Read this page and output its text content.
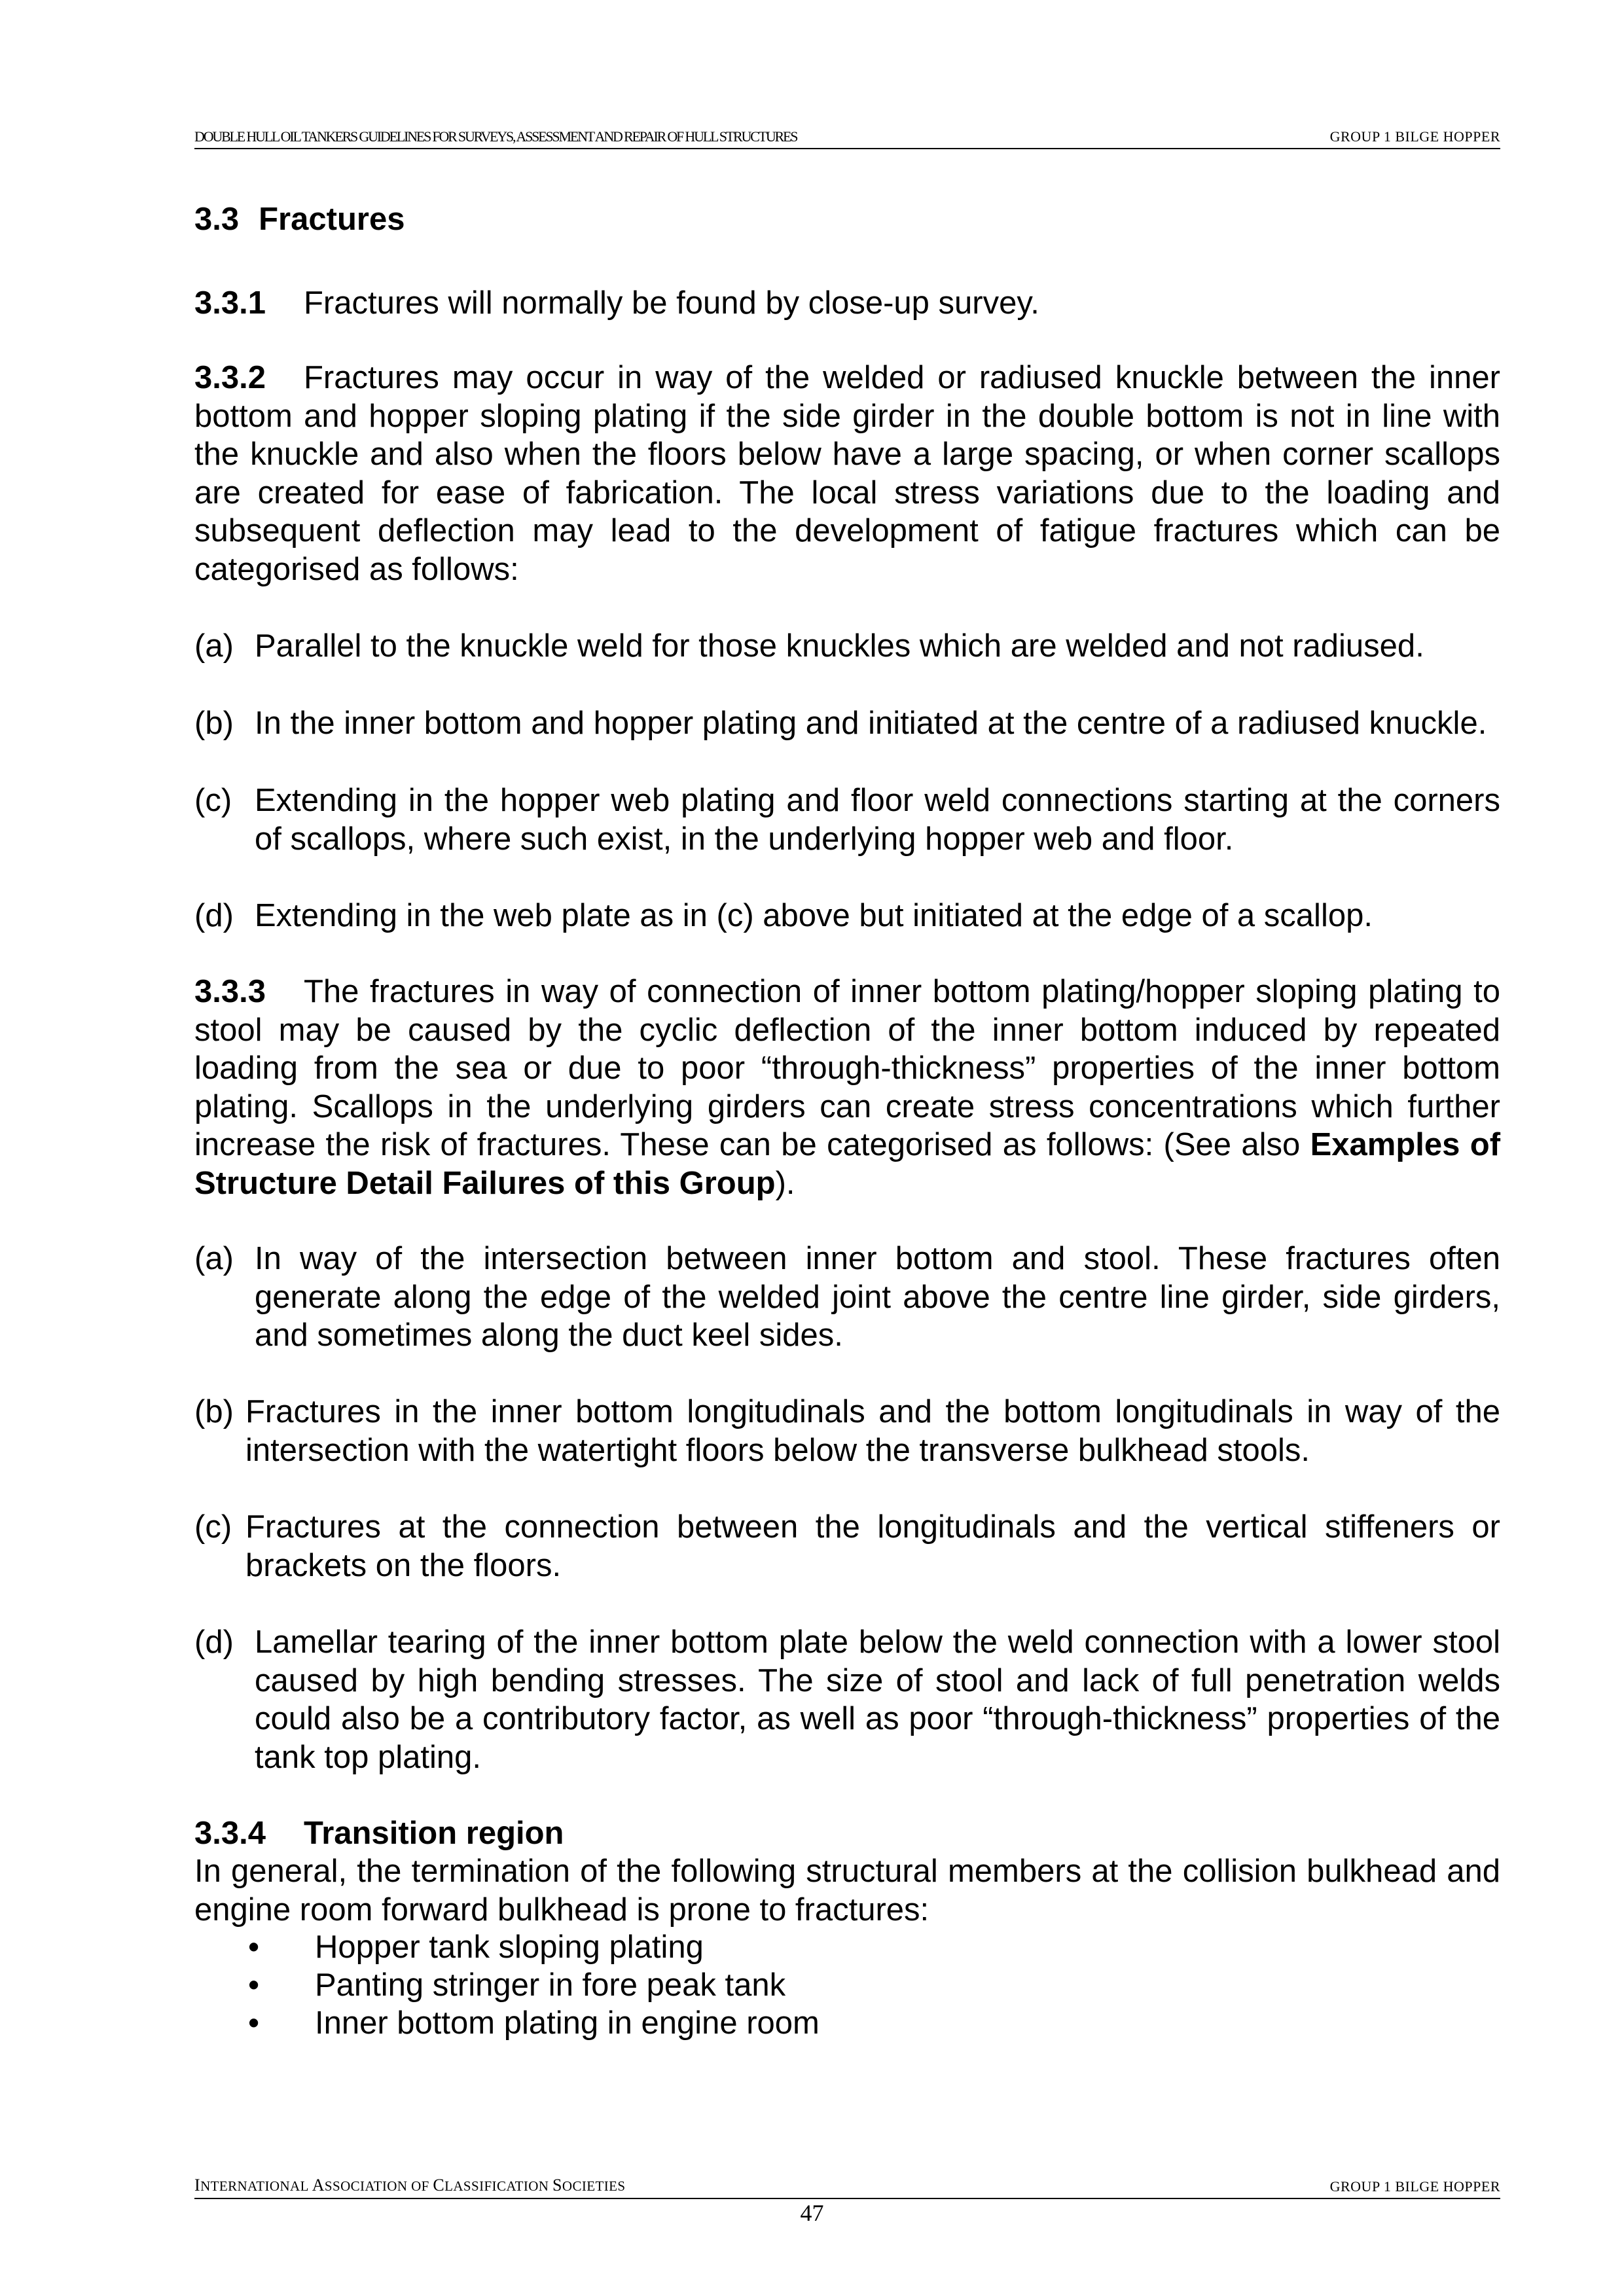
DOUBLE HULL OIL TANKERS GUIDELINES FOR SURVEYS, ASSESSMENT AND REPAIR OF HULL STRUCTURES	GROUP 1 BILGE HOPPER
3.3 Fractures
3.3.1 Fractures will normally be found by close-up survey.
3.3.2 Fractures may occur in way of the welded or radiused knuckle between the inner bottom and hopper sloping plating if the side girder in the double bottom is not in line with the knuckle and also when the floors below have a large spacing, or when corner scallops are created for ease of fabrication. The local stress variations due to the loading and subsequent deflection may lead to the development of fatigue fractures which can be categorised as follows:
(a) Parallel to the knuckle weld for those knuckles which are welded and not radiused.
(b) In the inner bottom and hopper plating and initiated at the centre of a radiused knuckle.
(c) Extending in the hopper web plating and floor weld connections starting at the corners of scallops, where such exist, in the underlying hopper web and floor.
(d) Extending in the web plate as in (c) above but initiated at the edge of a scallop.
3.3.3 The fractures in way of connection of inner bottom plating/hopper sloping plating to stool may be caused by the cyclic deflection of the inner bottom induced by repeated loading from the sea or due to poor “through-thickness” properties of the inner bottom plating. Scallops in the underlying girders can create stress concentrations which further increase the risk of fractures. These can be categorised as follows: (See also Examples of Structure Detail Failures of this Group).
(a) In way of the intersection between inner bottom and stool. These fractures often generate along the edge of the welded joint above the centre line girder, side girders, and sometimes along the duct keel sides.
(b) Fractures in the inner bottom longitudinals and the bottom longitudinals in way of the intersection with the watertight floors below the transverse bulkhead stools.
(c) Fractures at the connection between the longitudinals and the vertical stiffeners or brackets on the floors.
(d) Lamellar tearing of the inner bottom plate below the weld connection with a lower stool caused by high bending stresses. The size of stool and lack of full penetration welds could also be a contributory factor, as well as poor “through-thickness” properties of the tank top plating.
3.3.4 Transition region
In general, the termination of the following structural members at the collision bulkhead and engine room forward bulkhead is prone to fractures:
• Hopper tank sloping plating
• Panting stringer in fore peak tank
• Inner bottom plating in engine room
INTERNATIONAL ASSOCIATION OF CLASSIFICATION SOCIETIES	GROUP 1 BILGE HOPPER
47
